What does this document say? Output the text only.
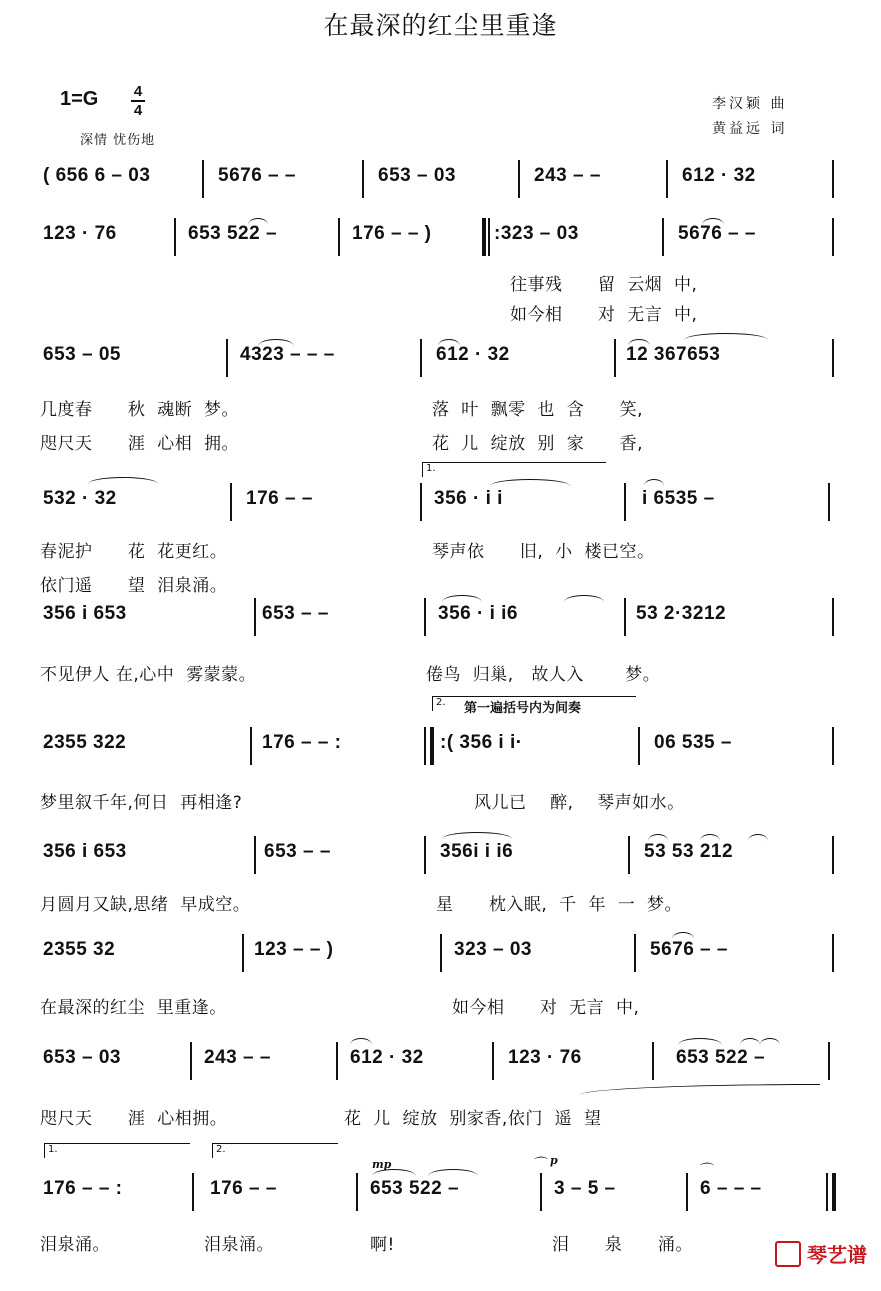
在最深的红尘里重逢
1=G 4
4
深情 忧伤地
李汉颖 曲
黄益远 词
( 656 6 – 03	5676 – –	653 – 03	243 – –	612 · 32
123 · 76	653 522 –	176 – – )	:323 – 03	5676 – –
往事残      留  云烟  中,
如今相      对  无言  中,
653 – 05	4323 – – –	612 · 32	12 367653
几度春      秋  魂断  梦。
咫尺天      涯  心相  拥。
落  叶  飘零  也  含      笑,
花  儿  绽放  别  家      香,
1.
532 · 32	176 – –	356 · i i	i 6535 –
春泥护      花  花更红。
依门遥      望  泪泉涌。
琴声依      旧,  小  楼已空。
356 i 653	653 – –	356 · i i6	53 2·3212
不见伊人 在,心中  雾蒙蒙。	倦鸟  归巢,   故人入       梦。
2.	第一遍括号内为间奏
2355 322	176 – – :	:( 356 i i·	06 535 –
梦里叙千年,何日  再相逢?	风儿已    醉,    琴声如水。
356 i 653	653 – –	356i i i6	53 53 212
月圆月又缺,思绪  早成空。	星      枕入眠,  千  年  一  梦。
2355 32	123 – – )	323 – 03	5676 – –
在最深的红尘  里重逢。	如今相      对  无言  中,
653 – 03	243 – –	612 · 32	123 · 76	653 522 –
咫尺天      涯  心相拥。	花  儿  绽放  别家香,依门  遥  望
1.	2.
mp	⌒ p
⌒
176 – – :	176 – –	653 522 –	3 – 5 –	6 – – –
泪泉涌。	泪泉涌。	啊!	泪      泉      涌。	琴艺谱
